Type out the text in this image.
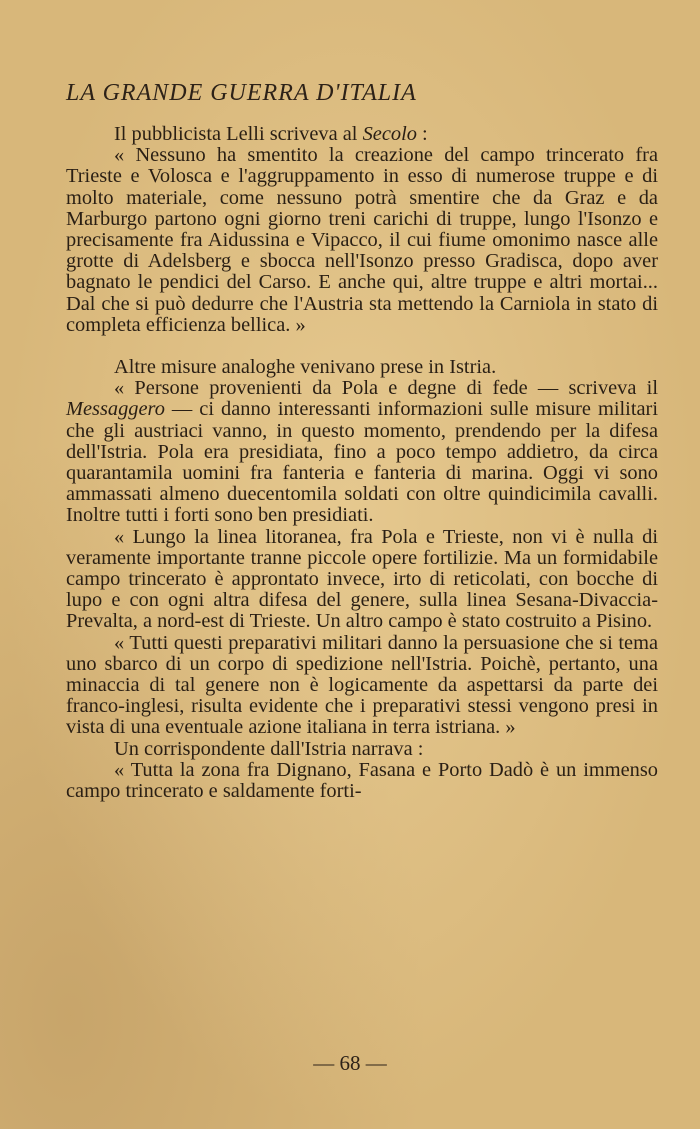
LA GRANDE GUERRA D'ITALIA

Il pubblicista Lelli scriveva al Secolo :

« Nessuno ha smentito la creazione del campo trincerato fra Trieste e Volosca e l'aggruppamento in esso di numerose truppe e di molto materiale, come nessuno potrà smentire che da Graz e da Marburgo partono ogni giorno treni carichi di truppe, lungo l'Isonzo e precisamente fra Aidussina e Vipacco, il cui fiume omonimo nasce alle grotte di Adelsberg e sbocca nell'Isonzo presso Gradisca, dopo aver bagnato le pendici del Carso. E anche qui, altre truppe e altri mortai... Dal che si può dedurre che l'Austria sta mettendo la Carniola in stato di completa efficienza bellica. »

Altre misure analoghe venivano prese in Istria.

« Persone provenienti da Pola e degne di fede — scriveva il Messaggero — ci danno interessanti informazioni sulle misure militari che gli austriaci vanno, in questo momento, prendendo per la difesa dell'Istria. Pola era presidiata, fino a poco tempo addietro, da circa quarantamila uomini fra fanteria e fanteria di marina. Oggi vi sono ammassati almeno duecentomila soldati con oltre quindicimila cavalli. Inoltre tutti i forti sono ben presidiati.

« Lungo la linea litoranea, fra Pola e Trieste, non vi è nulla di veramente importante tranne piccole opere fortilizie. Ma un formidabile campo trincerato è approntato invece, irto di reticolati, con bocche di lupo e con ogni altra difesa del genere, sulla linea Sesana-Divaccia-Prevalta, a nord-est di Trieste. Un altro campo è stato costruito a Pisino.

« Tutti questi preparativi militari danno la persuasione che si tema uno sbarco di un corpo di spedizione nell'Istria. Poichè, pertanto, una minaccia di tal genere non è logicamente da aspettarsi da parte dei franco-inglesi, risulta evidente che i preparativi stessi vengono presi in vista di una eventuale azione italiana in terra istriana. »

Un corrispondente dall'Istria narrava :

« Tutta la zona fra Dignano, Fasana e Porto Dadò è un immenso campo trincerato e saldamente forti-

— 68 —
